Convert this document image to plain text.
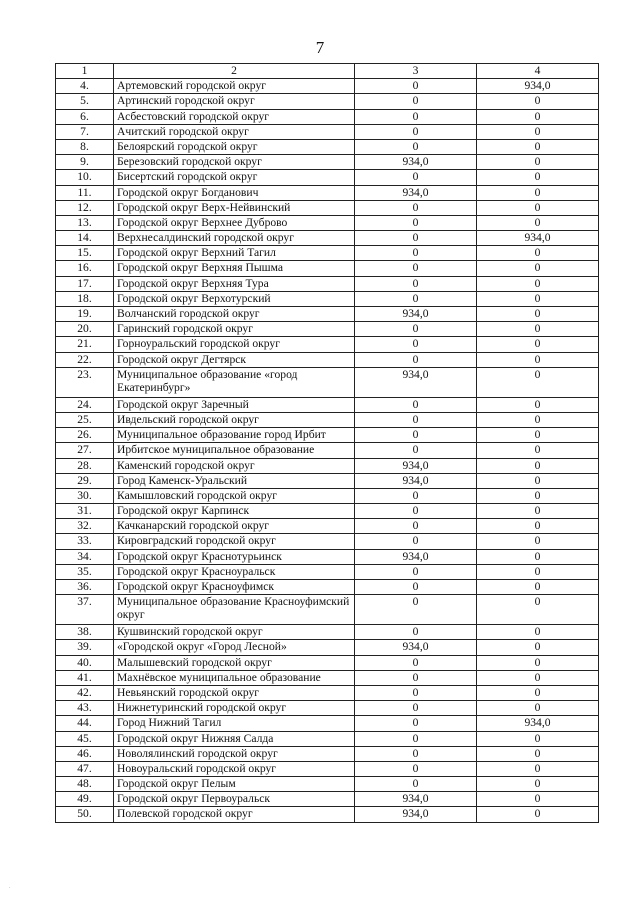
7
1	2	3	4
4.	Артемовский городской округ	0	934,0
5.	Артинский городской округ	0	0
6.	Асбестовский городской округ	0	0
7.	Ачитский городской округ	0	0
8.	Белоярский городской округ	0	0
9.	Березовский городской округ	934,0	0
10.	Бисертский городской округ	0	0
11.	Городской округ Богданович	934,0	0
12.	Городской округ Верх-Нейвинский	0	0
13.	Городской округ Верхнее Дуброво	0	0
14.	Верхнесалдинский городской округ	0	934,0
15.	Городской округ Верхний Тагил	0	0
16.	Городской округ Верхняя Пышма	0	0
17.	Городской округ Верхняя Тура	0	0
18.	Городской округ Верхотурский	0	0
19.	Волчанский городской округ	934,0	0
20.	Гаринский городской округ	0	0
21.	Горноуральский городской округ	0	0
22.	Городской округ Дегтярск	0	0
23.	Муниципальное образование «город Екатеринбург»	934,0	0
24.	Городской округ Заречный	0	0
25.	Ивдельский городской округ	0	0
26.	Муниципальное образование город Ирбит	0	0
27.	Ирбитское муниципальное образование	0	0
28.	Каменский городской округ	934,0	0
29.	Город Каменск-Уральский	934,0	0
30.	Камышловский городской округ	0	0
31.	Городской округ Карпинск	0	0
32.	Качканарский городской округ	0	0
33.	Кировградский городской округ	0	0
34.	Городской округ Краснотурьинск	934,0	0
35.	Городской округ Красноуральск	0	0
36.	Городской округ Красноуфимск	0	0
37.	Муниципальное образование Красноуфимский округ	0	0
38.	Кушвинский городской округ	0	0
39.	«Городской округ «Город Лесной»	934,0	0
40.	Малышевский городской округ	0	0
41.	Махнёвское муниципальное образование	0	0
42.	Невьянский городской округ	0	0
43.	Нижнетуринский городской округ	0	0
44.	Город Нижний Тагил	0	934,0
45.	Городской округ Нижняя Салда	0	0
46.	Новолялинский городской округ	0	0
47.	Новоуральский городской округ	0	0
48.	Городской округ Пелым	0	0
49.	Городской округ Первоуральск	934,0	0
50.	Полевской городской округ	934,0	0
.
